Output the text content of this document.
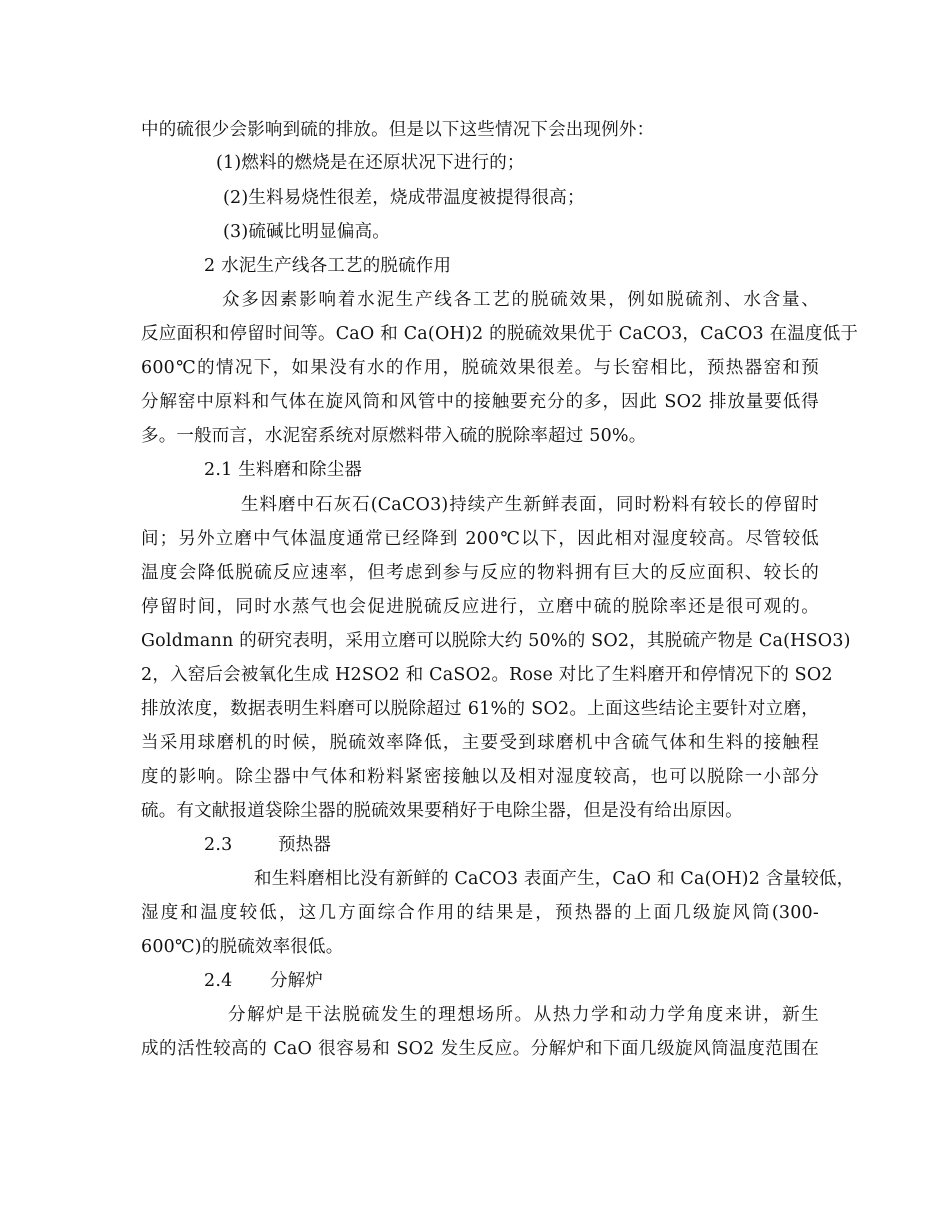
中的硫很少会影响到硫的排放。但是以下这些情况下会出现例外：
(1)燃料的燃烧是在还原状况下进行的；
(2)生料易烧性很差，烧成带温度被提得很高；
(3)硫碱比明显偏高。
2 水泥生产线各工艺的脱硫作用
众多因素影响着水泥生产线各工艺的脱硫效果，例如脱硫剂、水含量、
反应面积和停留时间等。CaO 和 Ca(OH)2 的脱硫效果优于 CaCO3，CaCO3 在温度低于
600℃的情况下，如果没有水的作用，脱硫效果很差。与长窑相比，预热器窑和预
分解窑中原料和气体在旋风筒和风管中的接触要充分的多，因此 SO2 排放量要低得
多。一般而言，水泥窑系统对原燃料带入硫的脱除率超过 50%。
2.1 生料磨和除尘器
生料磨中石灰石(CaCO3)持续产生新鲜表面，同时粉料有较长的停留时
间；另外立磨中气体温度通常已经降到 200℃以下，因此相对湿度较高。尽管较低
温度会降低脱硫反应速率，但考虑到参与反应的物料拥有巨大的反应面积、较长的
停留时间，同时水蒸气也会促进脱硫反应进行，立磨中硫的脱除率还是很可观的。
Goldmann 的研究表明，采用立磨可以脱除大约 50%的 SO2，其脱硫产物是 Ca(HSO3)
2，入窑后会被氧化生成 H2SO2 和 CaSO2。Rose 对比了生料磨开和停情况下的 SO2
排放浓度，数据表明生料磨可以脱除超过 61%的 SO2。上面这些结论主要针对立磨，
当采用球磨机的时候，脱硫效率降低，主要受到球磨机中含硫气体和生料的接触程
度的影响。除尘器中气体和粉料紧密接触以及相对湿度较高，也可以脱除一小部分
硫。有文献报道袋除尘器的脱硫效果要稍好于电除尘器，但是没有给出原因。
2.3	预热器
和生料磨相比没有新鲜的 CaCO3 表面产生，CaO 和 Ca(OH)2 含量较低，
湿度和温度较低，这几方面综合作用的结果是，预热器的上面几级旋风筒(300-
600℃)的脱硫效率很低。
2.4 分解炉
分解炉是干法脱硫发生的理想场所。从热力学和动力学角度来讲，新生
成的活性较高的 CaO 很容易和 SO2 发生反应。分解炉和下面几级旋风筒温度范围在
